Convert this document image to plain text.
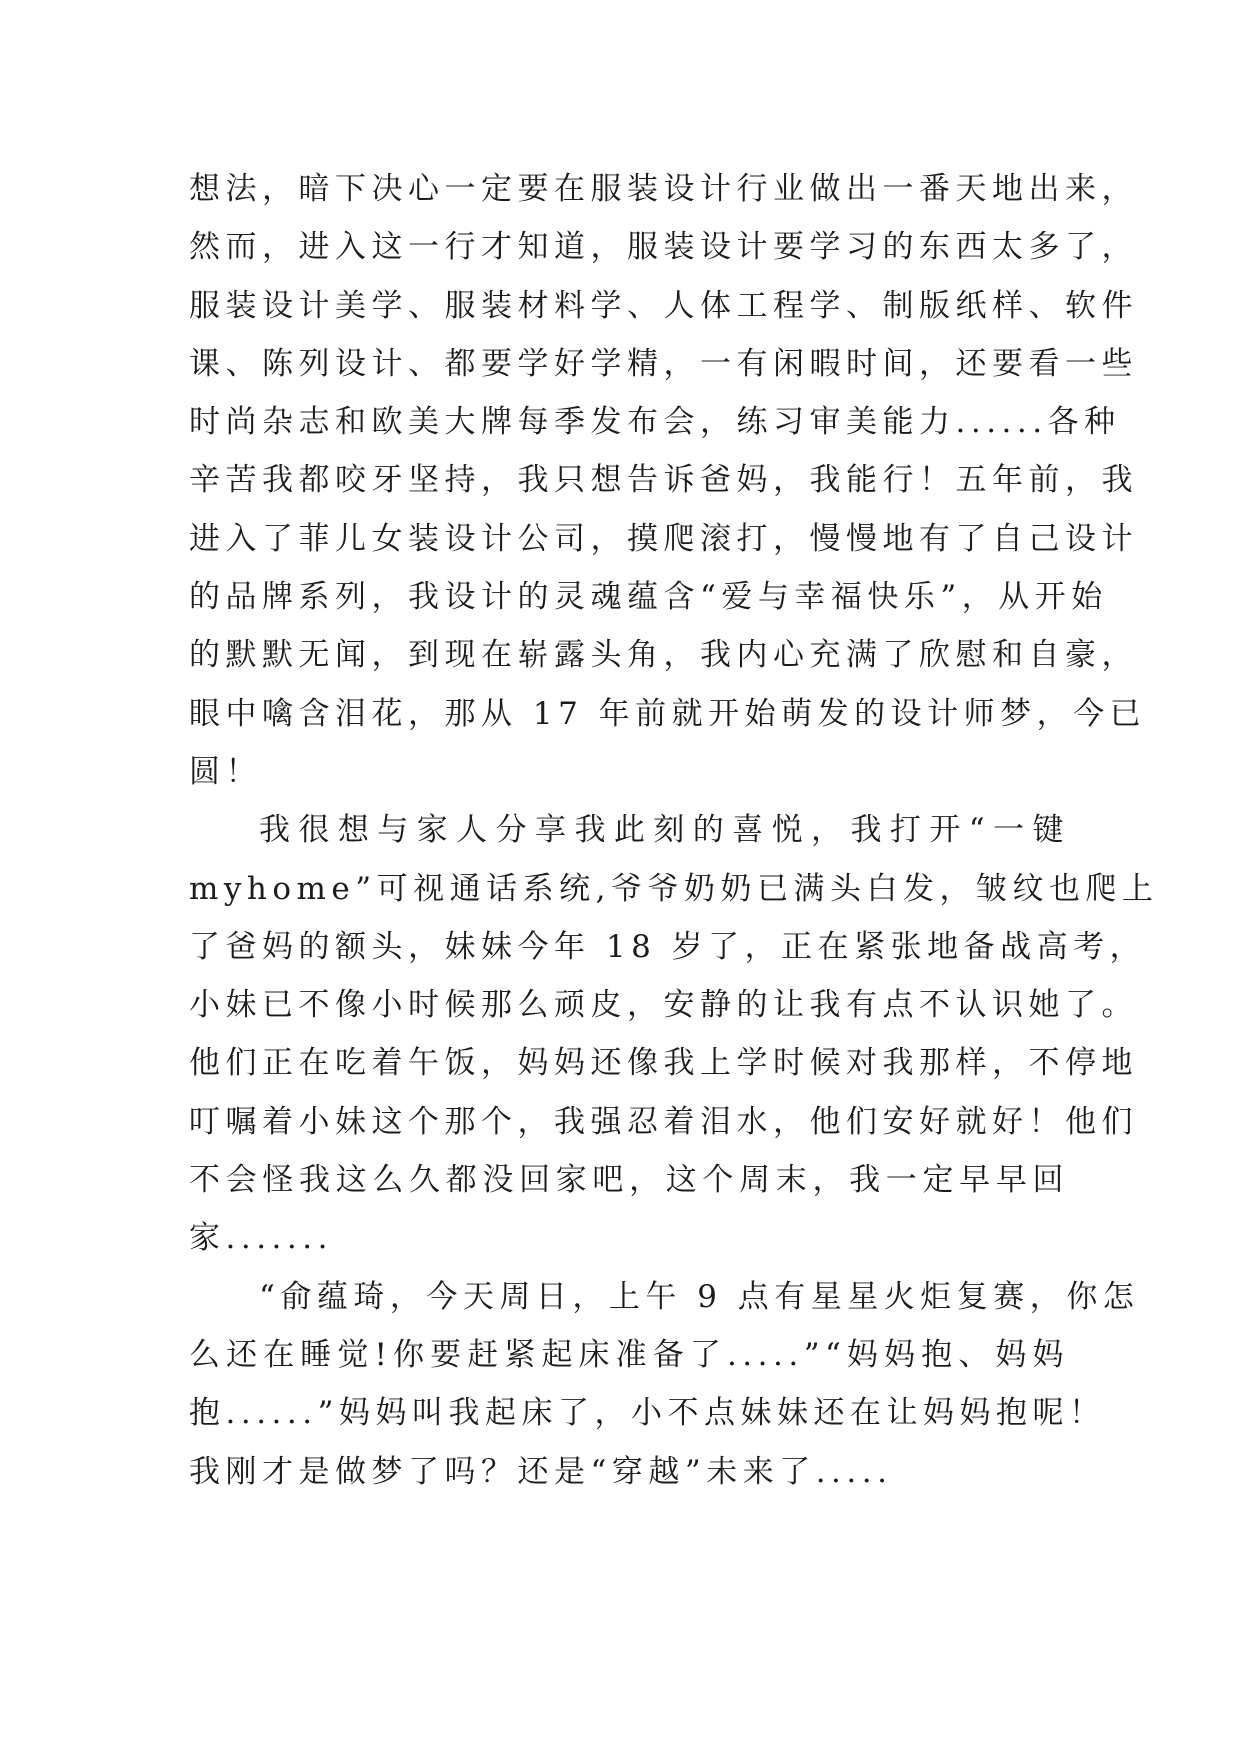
想法，暗下决心一定要在服装设计行业做出一番天地出来，
然而，进入这一行才知道，服装设计要学习的东西太多了，
服装设计美学、服装材料学、人体工程学、制版纸样、软件
课、陈列设计、都要学好学精，一有闲暇时间，还要看一些
时尚杂志和欧美大牌每季发布会，练习审美能力......各种
辛苦我都咬牙坚持，我只想告诉爸妈，我能行！五年前，我
进入了菲儿女装设计公司，摸爬滚打，慢慢地有了自己设计
的品牌系列，我设计的灵魂蕴含“爱与幸福快乐”，从开始
的默默无闻，到现在崭露头角，我内心充满了欣慰和自豪，
眼中噙含泪花，那从 17 年前就开始萌发的设计师梦，今已
圆！
我很想与家人分享我此刻的喜悦，我打开“一键
myhome”可视通话系统,爷爷奶奶已满头白发，皱纹也爬上
了爸妈的额头，妹妹今年 18 岁了，正在紧张地备战高考，
小妹已不像小时候那么顽皮，安静的让我有点不认识她了。
他们正在吃着午饭，妈妈还像我上学时候对我那样，不停地
叮嘱着小妹这个那个，我强忍着泪水，他们安好就好！他们
不会怪我这么久都没回家吧，这个周末，我一定早早回
家.......
“俞蕴琦，今天周日，上午 9 点有星星火炬复赛，你怎
么还在睡觉!你要赶紧起床准备了.....”“妈妈抱、妈妈
抱......”妈妈叫我起床了，小不点妹妹还在让妈妈抱呢！
我刚才是做梦了吗？还是“穿越”未来了.....
